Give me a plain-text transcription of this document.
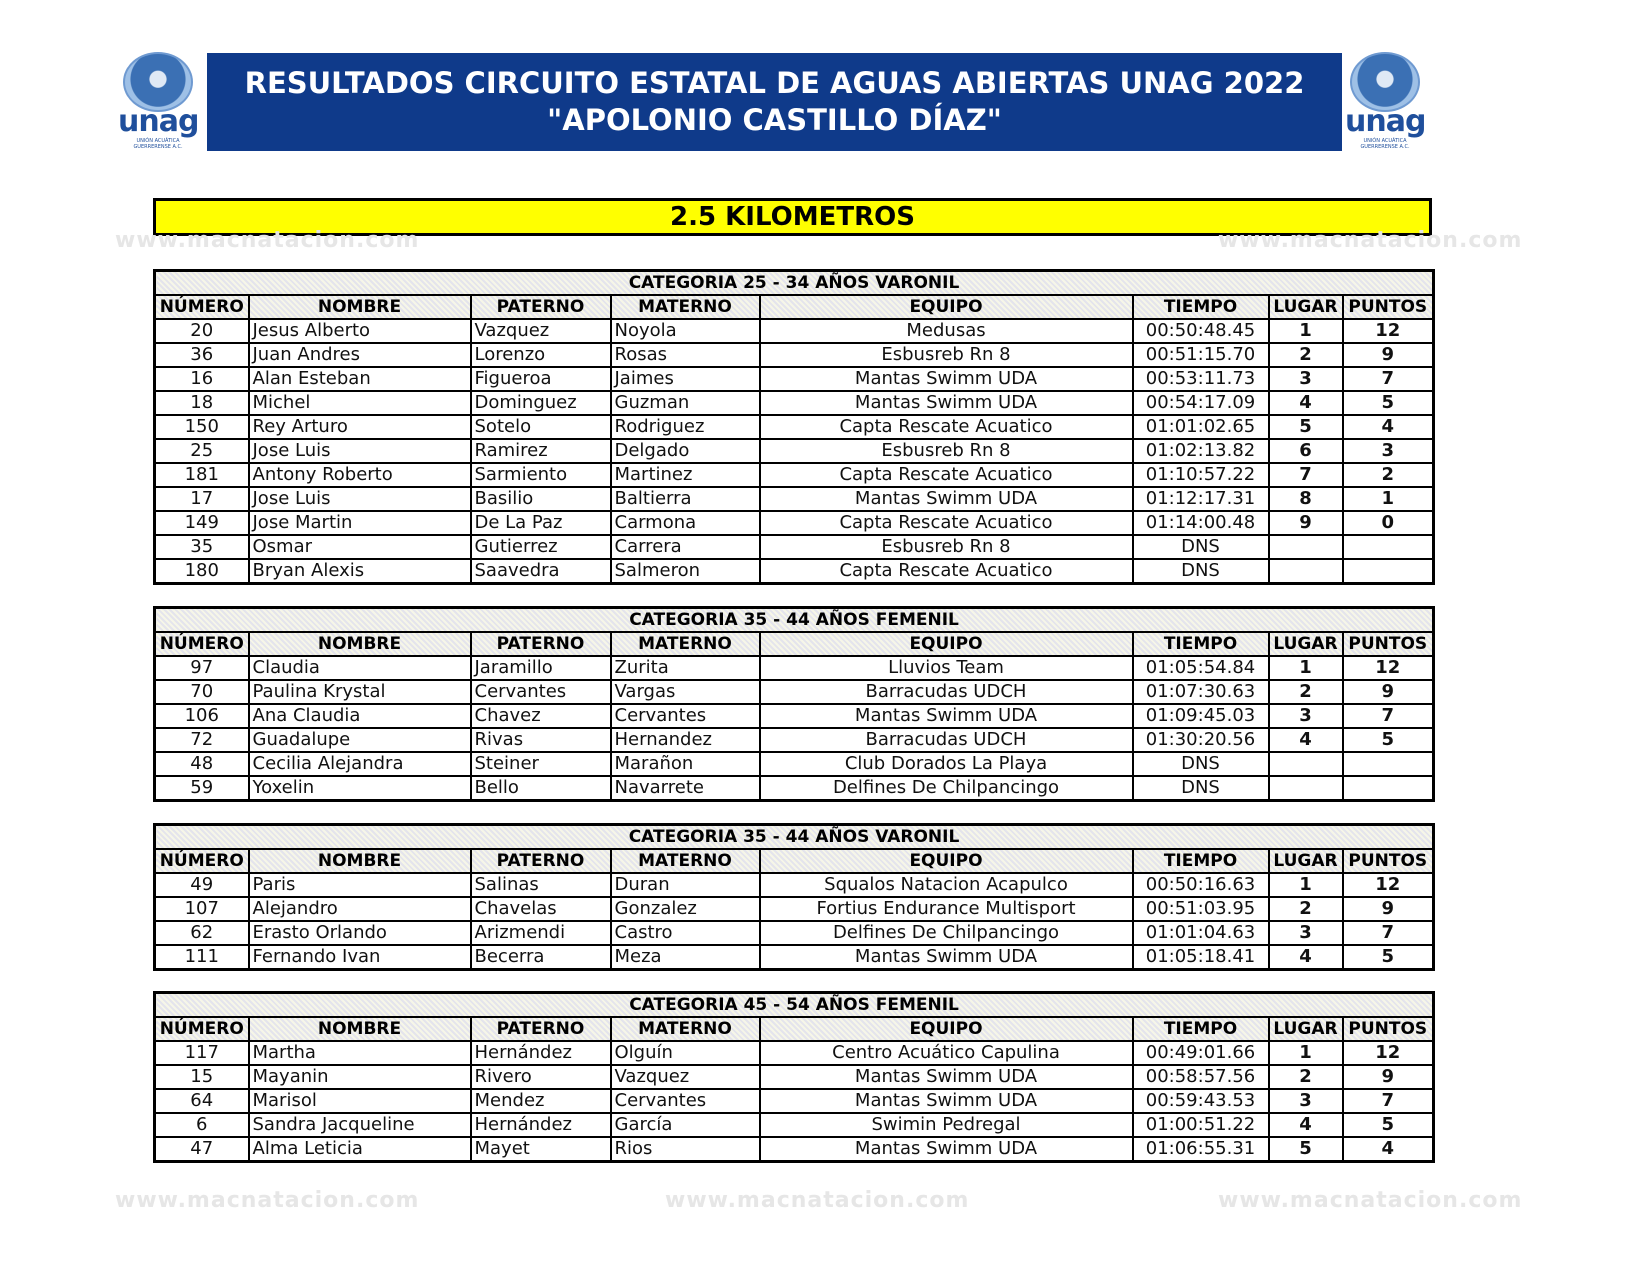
unag
UNIÓN ACUÁTICA GUERRERENSE A.C.
RESULTADOS CIRCUITO ESTATAL DE AGUAS ABIERTAS UNAG 2022
"APOLONIO CASTILLO DÍAZ"	unag
UNIÓN ACUÁTICA GUERRERENSE A.C.
2.5 KILOMETROS
www.macnatacion.com	www.macnatacion.com
www.macnatacion.com	www.macnatacion.com	www.macnatacion.com
CATEGORIA 25 - 34 AÑOS VARONIL							
NÚMERO	NOMBRE	PATERNO	MATERNO	EQUIPO	TIEMPO	LUGAR	PUNTOS
20	Jesus Alberto	Vazquez	Noyola	Medusas	00:50:48.45	1	12
36	Juan Andres	Lorenzo	Rosas	Esbusreb Rn 8	00:51:15.70	2	9
16	Alan Esteban	Figueroa	Jaimes	Mantas Swimm UDA	00:53:11.73	3	7
18	Michel	Dominguez	Guzman	Mantas Swimm UDA	00:54:17.09	4	5
150	Rey Arturo	Sotelo	Rodriguez	Capta Rescate Acuatico	01:01:02.65	5	4
25	Jose Luis	Ramirez	Delgado	Esbusreb Rn 8	01:02:13.82	6	3
181	Antony Roberto	Sarmiento	Martinez	Capta Rescate Acuatico	01:10:57.22	7	2
17	Jose Luis	Basilio	Baltierra	Mantas Swimm UDA	01:12:17.31	8	1
149	Jose Martin	De La Paz	Carmona	Capta Rescate Acuatico	01:14:00.48	9	0
35	Osmar	Gutierrez	Carrera	Esbusreb Rn 8	DNS		
180	Bryan Alexis	Saavedra	Salmeron	Capta Rescate Acuatico	DNS		
CATEGORIA 35 - 44 AÑOS FEMENIL							
NÚMERO	NOMBRE	PATERNO	MATERNO	EQUIPO	TIEMPO	LUGAR	PUNTOS
97	Claudia	Jaramillo	Zurita	Lluvios Team	01:05:54.84	1	12
70	Paulina Krystal	Cervantes	Vargas	Barracudas UDCH	01:07:30.63	2	9
106	Ana Claudia	Chavez	Cervantes	Mantas Swimm UDA	01:09:45.03	3	7
72	Guadalupe	Rivas	Hernandez	Barracudas UDCH	01:30:20.56	4	5
48	Cecilia Alejandra	Steiner	Marañon	Club Dorados La Playa	DNS		
59	Yoxelin	Bello	Navarrete	Delfines De Chilpancingo	DNS		
CATEGORIA 35 - 44 AÑOS VARONIL							
NÚMERO	NOMBRE	PATERNO	MATERNO	EQUIPO	TIEMPO	LUGAR	PUNTOS
49	Paris	Salinas	Duran	Squalos Natacion Acapulco	00:50:16.63	1	12
107	Alejandro	Chavelas	Gonzalez	Fortius Endurance Multisport	00:51:03.95	2	9
62	Erasto Orlando	Arizmendi	Castro	Delfines De Chilpancingo	01:01:04.63	3	7
111	Fernando Ivan	Becerra	Meza	Mantas Swimm UDA	01:05:18.41	4	5
CATEGORIA 45 - 54 AÑOS FEMENIL							
NÚMERO	NOMBRE	PATERNO	MATERNO	EQUIPO	TIEMPO	LUGAR	PUNTOS
117	Martha	Hernández	Olguín	Centro Acuático Capulina	00:49:01.66	1	12
15	Mayanin	Rivero	Vazquez	Mantas Swimm UDA	00:58:57.56	2	9
64	Marisol	Mendez	Cervantes	Mantas Swimm UDA	00:59:43.53	3	7
6	Sandra Jacqueline	Hernández	García	Swimin Pedregal	01:00:51.22	4	5
47	Alma Leticia	Mayet	Rios	Mantas Swimm UDA	01:06:55.31	5	4
